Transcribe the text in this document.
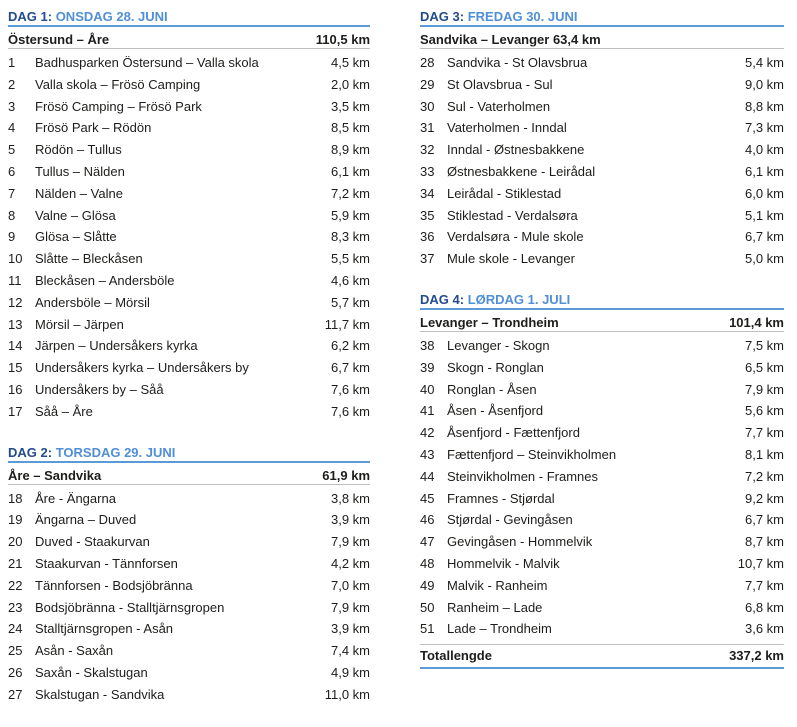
DAG 1: ONSDAG 28. JUNI
Östersund – Åre	110,5 km
1	Badhusparken Östersund – Valla skola	4,5 km
2	Valla skola – Frösö Camping	2,0 km
3	Frösö Camping – Frösö Park	3,5 km
4	Frösö Park – Rödön	8,5 km
5	Rödön – Tullus	8,9 km
6	Tullus – Nälden	6,1 km
7	Nälden – Valne	7,2 km
8	Valne – Glösa	5,9 km
9	Glösa – Slåtte	8,3 km
10 Slåtte – Bleckåsen	5,5 km
11	Bleckåsen – Andersböle	4,6 km
12 Andersböle – Mörsil	5,7 km
13 Mörsil – Järpen	11,7 km
14 Järpen – Undersåkers kyrka	6,2 km
15 Undersåkers kyrka – Undersåkers by	6,7 km
16 Undersåkers by – Såå	7,6 km
17 Såå – Åre	7,6 km
DAG 2: TORSDAG 29. JUNI
Åre – Sandvika	61,9 km
18 Åre - Ängarna	3,8 km
19 Ängarna – Duved	3,9 km
20 Duved - Staakurvan	7,9 km
21 Staakurvan - Tännforsen	4,2 km
22 Tännforsen - Bodsjöbränna	7,0 km
23 Bodsjöbränna - Stalltjärnsgropen	7,9 km
24 Stalltjärnsgropen - Asån	3,9 km
25 Asån - Saxån	7,4 km
26 Saxån - Skalstugan	4,9 km
27 Skalstugan - Sandvika	11,0 km
DAG 3: FREDAG 30. JUNI
Sandvika – Levanger 63,4 km
28 Sandvika - St Olavsbrua	5,4 km
29 St Olavsbrua - Sul	9,0 km
30 Sul - Vaterholmen	8,8 km
31 Vaterholmen - Inndal	7,3 km
32 Inndal - Østnesbakkene	4,0 km
33 Østnesbakkene - Leirådal	6,1 km
34 Leirådal - Stiklestad	6,0 km
35 Stiklestad - Verdalsøra	5,1 km
36 Verdalsøra - Mule skole	6,7 km
37 Mule skole - Levanger	5,0 km
DAG 4: LØRDAG 1. JULI
Levanger – Trondheim	101,4 km
38 Levanger - Skogn	7,5 km
39 Skogn - Ronglan	6,5 km
40 Ronglan - Åsen	7,9 km
41 Åsen - Åsenfjord	5,6 km
42 Åsenfjord - Fættenfjord	7,7 km
43 Fættenfjord – Steinvikholmen	8,1 km
44 Steinvikholmen - Framnes	7,2 km
45 Framnes - Stjørdal	9,2 km
46 Stjørdal - Gevingåsen	6,7 km
47 Gevingåsen - Hommelvik	8,7 km
48 Hommelvik - Malvik	10,7 km
49 Malvik - Ranheim	7,7 km
50 Ranheim – Lade	6,8 km
51 Lade – Trondheim	3,6 km
Totallengde	337,2 km
